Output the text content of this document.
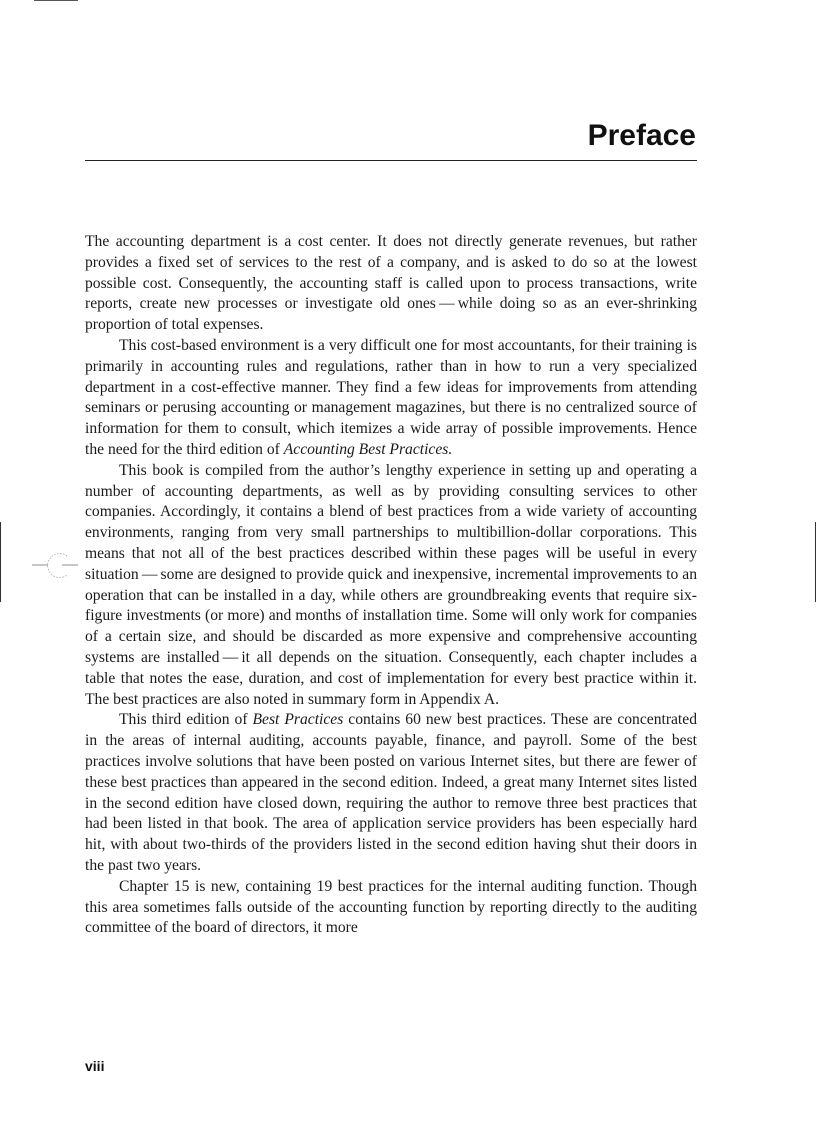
Preface

The accounting department is a cost center. It does not directly generate revenues, but rather provides a fixed set of services to the rest of a company, and is asked to do so at the lowest possible cost. Consequently, the accounting staff is called upon to process transactions, write reports, create new processes or investigate old ones — while doing so as an ever-shrinking proportion of total expenses.

This cost-based environment is a very difficult one for most accountants, for their training is primarily in accounting rules and regulations, rather than in how to run a very specialized department in a cost-effective manner. They find a few ideas for improvements from attending seminars or perusing accounting or management magazines, but there is no centralized source of information for them to consult, which itemizes a wide array of possible improvements. Hence the need for the third edition of Accounting Best Practices.

This book is compiled from the author’s lengthy experience in setting up and operating a number of accounting departments, as well as by providing consulting services to other companies. Accordingly, it contains a blend of best practices from a wide variety of accounting environments, ranging from very small partnerships to multibillion-dollar corporations. This means that not all of the best practices described within these pages will be useful in every situation — some are designed to provide quick and inexpensive, incremental improvements to an operation that can be installed in a day, while others are groundbreaking events that require six-figure investments (or more) and months of installation time. Some will only work for companies of a certain size, and should be discarded as more expensive and comprehensive accounting systems are installed — it all depends on the situation. Consequently, each chapter includes a table that notes the ease, duration, and cost of implementation for every best practice within it. The best practices are also noted in summary form in Appendix A.

This third edition of Best Practices contains 60 new best practices. These are concentrated in the areas of internal auditing, accounts payable, finance, and payroll. Some of the best practices involve solutions that have been posted on various Internet sites, but there are fewer of these best practices than appeared in the second edition. Indeed, a great many Internet sites listed in the second edition have closed down, requiring the author to remove three best practices that had been listed in that book. The area of application service providers has been especially hard hit, with about two-thirds of the providers listed in the second edition having shut their doors in the past two years.

Chapter 15 is new, containing 19 best practices for the internal auditing function. Though this area sometimes falls outside of the accounting function by reporting directly to the auditing committee of the board of directors, it more

viii
